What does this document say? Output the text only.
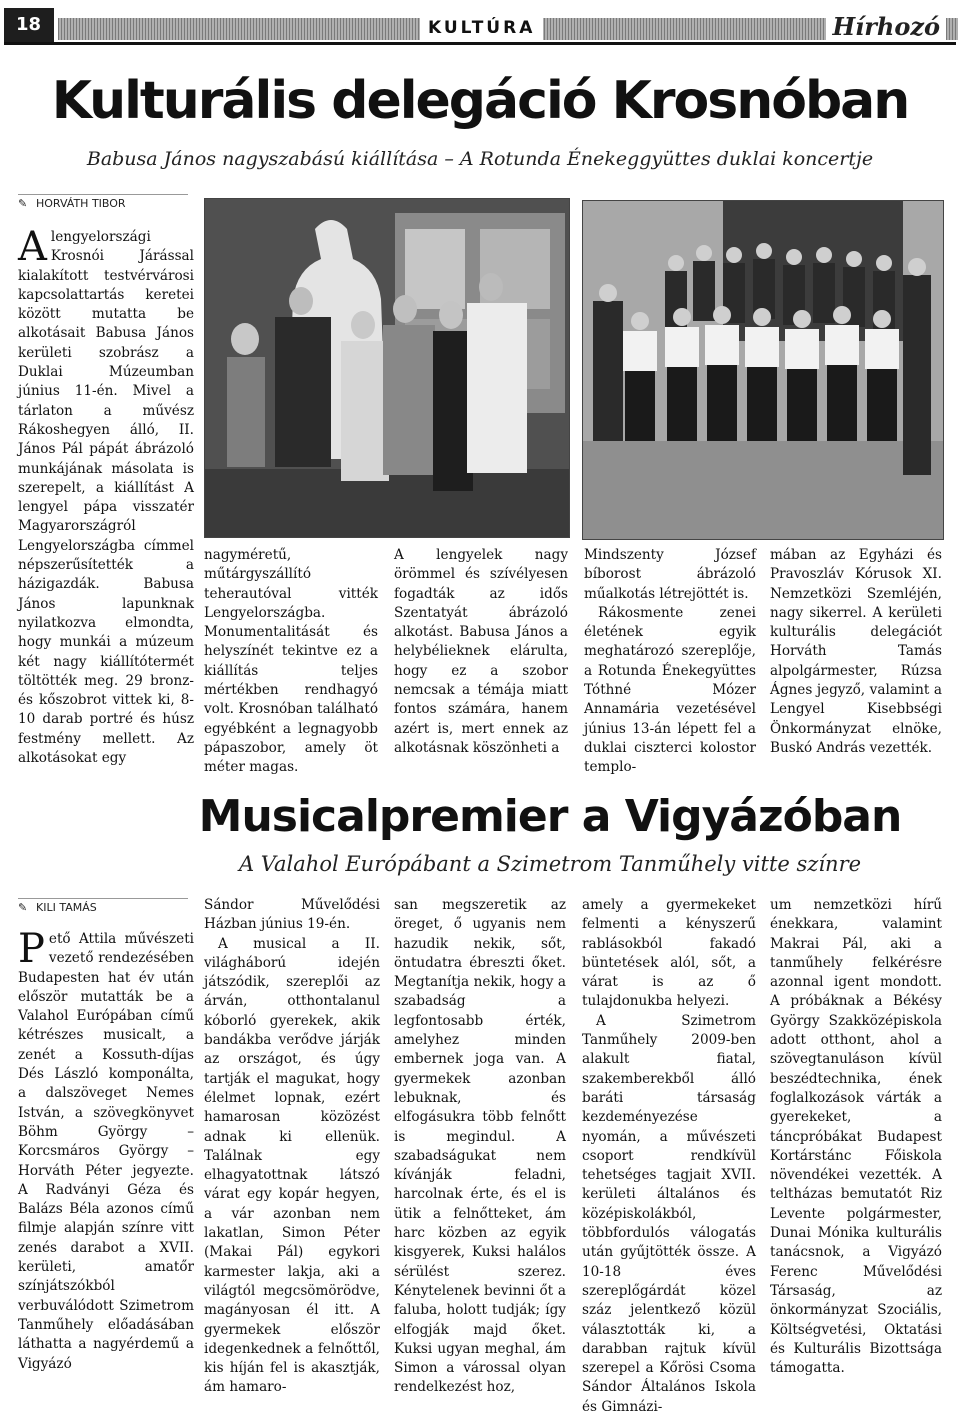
18	KULTÚRA	Hírhozó
Kulturális delegáció Krosnóban
Babusa János nagyszabású kiállítása – A Rotunda Énekeggyüttes duklai koncertje
✎ HORVÁTH TIBOR

Alengyelországi Krosnói Járással kialakított testvérvárosi kapcsolattartás keretei között mutatta be alkotásait Babusa János kerületi szobrász a Duklai Múzeumban június 11-én. Mivel a tárlaton a művész Rákoshegyen álló, II. János Pál pápát ábrázoló munkájának másolata is szerepelt, a kiállítást A lengyel pápa visszatér Magyarországról Lengyelországba címmel népszerűsítették a házigazdák. Babusa János lapunknak nyilatkozva elmondta, hogy munkái a múzeum két nagy kiállítótermét töltötték meg. 29 bronz- és kőszobrot vittek ki, 8-10 darab portré és húsz festmény mellett. Az alkotásokat egy

nagyméretű, műtárgyszállító teherautóval vitték Lengyelországba. Monumentalitását és helyszínét tekintve ez a kiállítás teljes mértékben rendhagyó volt. Krosnóban található egyébként a legnagyobb pápaszobor, amely öt méter magas.

A lengyelek nagy örömmel és szívélyesen fogadták az idős Szentatyát ábrázoló alkotást. Babusa János a helybélieknek elárulta, hogy ez a szobor nemcsak a témája miatt fontos számára, hanem azért is, mert ennek az alkotásnak köszönheti a

Mindszenty József bíborost ábrázoló műalkotás létrejöttét is.

Rákosmente zenei életének egyik meghatározó szereplője, a Rotunda Énekegyüttes Tóthné Mózer Annamária vezetésével június 13-án lépett fel a duklai ciszterci kolostor templo-

mában az Egyházi és Pravoszláv Kórusok XI. Nemzetközi Szemléjén, nagy sikerrel. A kerületi kulturális delegációt Horváth Tamás alpolgármester, Rúzsa Ágnes jegyző, valamint a Lengyel Kisebbségi Önkormányzat elnöke, Buskó András vezették.

Musicalpremier a Vigyázóban
A Valahol Európábant a Szimetrom Tanműhely vitte színre
✎ KILI TAMÁS

Pető Attila művészeti vezető rendezésében Budapesten hat év után először mutatták be a Valahol Európában című kétrészes musicalt, a zenét a Kossuth-díjas Dés László komponálta, a dalszöveget Nemes István, a szövegkönyvet Böhm György – Korcsmáros György – Horváth Péter jegyezte. A Radványi Géza és Balázs Béla azonos című filmje alapján színre vitt zenés darabot a XVII. kerületi, amatőr színjátszókból verbuválódott Szimetrom Tanműhely előadásában láthatta a nagyérdemű a Vigyázó

Sándor Művelődési Házban június 19-én.

A musical a II. világháború idején játszódik, szereplői az árván, otthontalanul kóborló gyerekek, akik bandákba verődve járják az országot, és úgy tartják el magukat, hogy élelmet lopnak, ezért hamarosan közözést adnak ki ellenük. Találnak egy elhagyatottnak látszó várat egy kopár hegyen, a vár azonban nem lakatlan, Simon Péter (Makai Pál) egykori karmester lakja, aki a világtól megcsömörödve, magányosan él itt. A gyermekek először idegenkednek a felnőttől, kis híján fel is akasztják, ám hamaro-

san megszeretik az öreget, ő ugyanis nem hazudik nekik, sőt, öntudatra ébreszti őket. Megtanítja nekik, hogy a szabadság a legfontosabb érték, amelyhez minden embernek joga van. A gyermekek azonban lebuknak, és elfogásukra több felnőtt is megindul. A szabadságukat nem kívánják feladni, harcolnak érte, és el is ütik a felnőtteket, ám harc közben az egyik kisgyerek, Kuksi halálos sérülést szerez. Kénytelenek bevinni őt a faluba, holott tudják; így elfogják majd őket. Kuksi ugyan meghal, ám Simon a várossal olyan rendelkezést hoz,

amely a gyermekeket felmenti a kényszerű rablásokból fakadó büntetések alól, sőt, a várat is az ő tulajdonukba helyezi.

A Szimetrom Tanműhely 2009-ben alakult fiatal, szakemberekből álló baráti társaság kezdeményezése nyomán, a művészeti csoport rendkívül tehetséges tagjait XVII. kerületi általános és középiskolákból, többfordulós válogatás után gyűjtötték össze. A 10-18 éves szereplőgárdát közel száz jelentkező közül választották ki, a darabban rajtuk kívül szerepel a Kőrösi Csoma Sándor Általános Iskola és Gimnázi-

um nemzetközi hírű énekkara, valamint Makrai Pál, aki a tanműhely felkérésre azonnal igent mondott. A próbáknak a Békésy György Szakközépiskola adott otthont, ahol a szövegtanuláson kívül beszédtechnika, ének foglalkozások várták a gyerekeket, a táncpróbákat Budapest Kortárstánc Főiskola növendékei vezették. A teltházas bemutatót Riz Levente polgármester, Dunai Mónika kulturális tanácsnok, a Vigyázó Ferenc Művelődési Társaság, az önkormányzat Szociális, Költségvetési, Oktatási és Kulturális Bizottsága támogatta.
